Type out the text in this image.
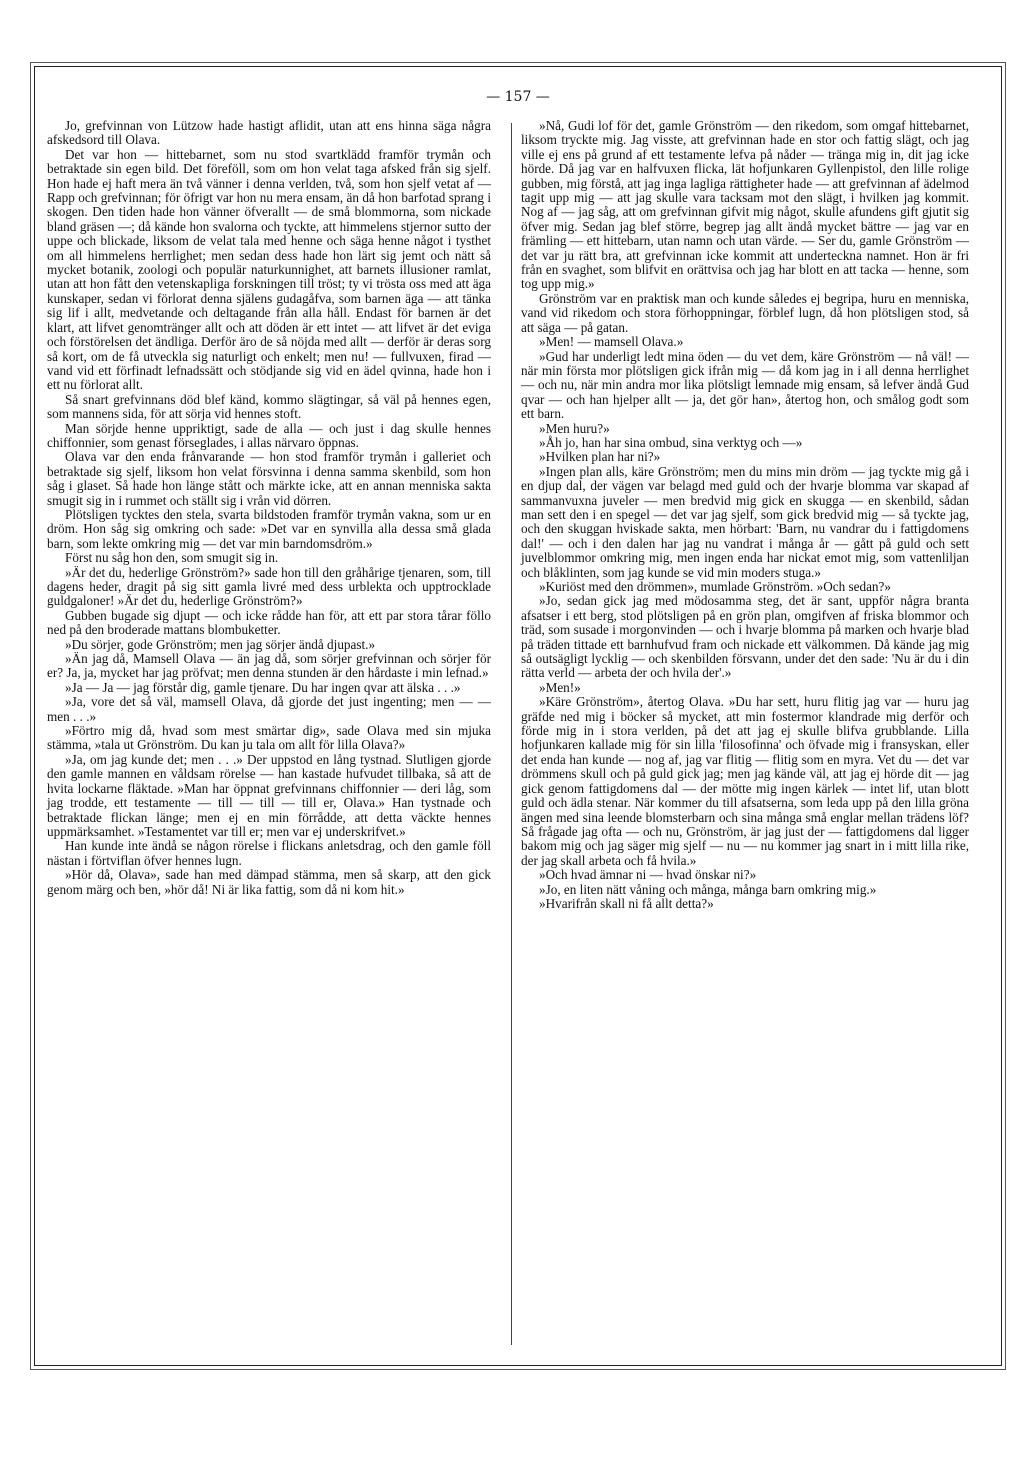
— 157 —

Jo, grefvinnan von Lützow hade hastigt aflidit, utan att ens hinna säga några afskedsord till Olava.

Det var hon — hittebarnet, som nu stod svartklädd framför trymån och betraktade sin egen bild. Det föreföll, som om hon velat taga afsked från sig sjelf. Hon hade ej haft mera än två vänner i denna verlden, två, som hon sjelf vetat af — Rapp och grefvinnan; för öfrigt var hon nu mera ensam, än då hon barfotad sprang i skogen. Den tiden hade hon vänner öfverallt — de små blommorna, som nickade bland gräsen —; då kände hon svalorna och tyckte, att himmelens stjernor sutto der uppe och blickade, liksom de velat tala med henne och säga henne något i tysthet om all himmelens herrlighet; men sedan dess hade hon lärt sig jemt och nätt så mycket botanik, zoologi och populär naturkunnighet, att barnets illusioner ramlat, utan att hon fått den vetenskapliga forskningen till tröst; ty vi trösta oss med att äga kunskaper, sedan vi förlorat denna själens gudagåfva, som barnen äga — att tänka sig lif i allt, medvetande och deltagande från alla håll. Endast för barnen är det klart, att lifvet genomtränger allt och att döden är ett intet — att lifvet är det eviga och förstörelsen det ändliga. Derför äro de så nöjda med allt — derför är deras sorg så kort, om de få utveckla sig naturligt och enkelt; men nu! — fullvuxen, firad — vand vid ett förfinadt lefnadssätt och stödjande sig vid en ädel qvinna, hade hon i ett nu förlorat allt.

Så snart grefvinnans död blef känd, kommo slägtingar, så väl på hennes egen, som mannens sida, för att sörja vid hennes stoft.

Man sörjde henne uppriktigt, sade de alla — och just i dag skulle hennes chiffonnier, som genast förseglades, i allas närvaro öppnas.

Olava var den enda frånvarande — hon stod framför trymån i galleriet och betraktade sig sjelf, liksom hon velat försvinna i denna samma skenbild, som hon såg i glaset. Så hade hon länge stått och märkte icke, att en annan menniska sakta smugit sig in i rummet och ställt sig i vrån vid dörren.

Plötsligen tycktes den stela, svarta bildstoden framför trymån vakna, som ur en dröm. Hon såg sig omkring och sade: »Det var en synvilla alla dessa små glada barn, som lekte omkring mig — det var min barndomsdröm.»

Först nu såg hon den, som smugit sig in.

»Är det du, hederlige Grönström?» sade hon till den gråhårige tjenaren, som, till dagens heder, dragit på sig sitt gamla livré med dess urblekta och upptrocklade guldgaloner! »Är det du, hederlige Grönström?»

Gubben bugade sig djupt — och icke rådde han för, att ett par stora tårar föllo ned på den broderade mattans blombuketter.

»Du sörjer, gode Grönström; men jag sörjer ändå djupast.»

»Än jag då, Mamsell Olava — än jag då, som sörjer grefvinnan och sörjer för er? Ja, ja, mycket har jag pröfvat; men denna stunden är den hårdaste i min lefnad.»

»Ja — Ja — jag förstår dig, gamle tjenare. Du har ingen qvar att älska . . .»

»Ja, vore det så väl, mamsell Olava, då gjorde det just ingenting; men — — men . . .»

»Förtro mig då, hvad som mest smärtar dig», sade Olava med sin mjuka stämma, »tala ut Grönström. Du kan ju tala om allt för lilla Olava?»

»Ja, om jag kunde det; men . . .» Der uppstod en lång tystnad. Slutligen gjorde den gamle mannen en våldsam rörelse — han kastade hufvudet tillbaka, så att de hvita lockarne fläktade. »Man har öppnat grefvinnans chiffonnier — deri låg, som jag trodde, ett testamente — till — till — till er, Olava.» Han tystnade och betraktade flickan länge; men ej en min förrådde, att detta väckte hennes uppmärksamhet. »Testamentet var till er; men var ej underskrifvet.»

Han kunde inte ändå se någon rörelse i flickans anletsdrag, och den gamle föll nästan i förtviflan öfver hennes lugn.

»Hör då, Olava», sade han med dämpad stämma, men så skarp, att den gick genom märg och ben, »hör då! Ni är lika fattig, som då ni kom hit.»

»Nå, Gudi lof för det, gamle Grönström — den rikedom, som omgaf hittebarnet, liksom tryckte mig. Jag visste, att grefvinnan hade en stor och fattig slägt, och jag ville ej ens på grund af ett testamente lefva på nåder — tränga mig in, dit jag icke hörde. Då jag var en halfvuxen flicka, lät hofjunkaren Gyllenpistol, den lille rolige gubben, mig förstå, att jag inga lagliga rättigheter hade — att grefvinnan af ädelmod tagit upp mig — att jag skulle vara tacksam mot den slägt, i hvilken jag kommit. Nog af — jag såg, att om grefvinnan gifvit mig något, skulle afundens gift gjutit sig öfver mig. Sedan jag blef större, begrep jag allt ändå mycket bättre — jag var en främling — ett hittebarn, utan namn och utan värde. — Ser du, gamle Grönström — det var ju rätt bra, att grefvinnan icke kommit att underteckna namnet. Hon är fri från en svaghet, som blifvit en orättvisa och jag har blott en att tacka — henne, som tog upp mig.»

Grönström var en praktisk man och kunde således ej begripa, huru en menniska, vand vid rikedom och stora förhoppningar, förblef lugn, då hon plötsligen stod, så att säga — på gatan.

»Men! — mamsell Olava.»

»Gud har underligt ledt mina öden — du vet dem, käre Grönström — nå väl! — när min första mor plötsligen gick ifrån mig — då kom jag in i all denna herrlighet — och nu, när min andra mor lika plötsligt lemnade mig ensam, så lefver ändå Gud qvar — och han hjelper allt — ja, det gör han», återtog hon, och smålog godt som ett barn.

»Men huru?»

»Åh jo, han har sina ombud, sina verktyg och —»

»Hvilken plan har ni?»

»Ingen plan alls, käre Grönström; men du mins min dröm — jag tyckte mig gå i en djup dal, der vägen var belagd med guld och der hvarje blomma var skapad af sammanvuxna juveler — men bredvid mig gick en skugga — en skenbild, sådan man sett den i en spegel — det var jag sjelf, som gick bredvid mig — så tyckte jag, och den skuggan hviskade sakta, men hörbart: 'Barn, nu vandrar du i fattigdomens dal!' — och i den dalen har jag nu vandrat i många år — gått på guld och sett juvelblommor omkring mig, men ingen enda har nickat emot mig, som vattenliljan och blåklinten, som jag kunde se vid min moders stuga.»

»Kuriöst med den drömmen», mumlade Grönström. »Och sedan?»

»Jo, sedan gick jag med mödosamma steg, det är sant, uppför några branta afsatser i ett berg, stod plötsligen på en grön plan, omgifven af friska blommor och träd, som susade i morgonvinden — och i hvarje blomma på marken och hvarje blad på träden tittade ett barnhufvud fram och nickade ett välkommen. Då kände jag mig så outsägligt lycklig — och skenbilden försvann, under det den sade: 'Nu är du i din rätta verld — arbeta der och hvila der'.»

»Men!»

»Käre Grönström», återtog Olava. »Du har sett, huru flitig jag var — huru jag gräfde ned mig i böcker så mycket, att min fostermor klandrade mig derför och förde mig in i stora verlden, på det att jag ej skulle blifva grubblande. Lilla hofjunkaren kallade mig för sin lilla 'filosofinna' och öfvade mig i fransyskan, eller det enda han kunde — nog af, jag var flitig — flitig som en myra. Vet du — det var drömmens skull och på guld gick jag; men jag kände väl, att jag ej hörde dit — jag gick genom fattigdomens dal — der mötte mig ingen kärlek — intet lif, utan blott guld och ädla stenar. När kommer du till afsatserna, som leda upp på den lilla gröna ängen med sina leende blomsterbarn och sina många små englar mellan trädens löf? Så frågade jag ofta — och nu, Grönström, är jag just der — fattigdomens dal ligger bakom mig och jag säger mig sjelf — nu — nu kommer jag snart in i mitt lilla rike, der jag skall arbeta och få hvila.»

»Och hvad ämnar ni — hvad önskar ni?»

»Jo, en liten nätt våning och många, många barn omkring mig.»

»Hvarifrån skall ni få allt detta?»
